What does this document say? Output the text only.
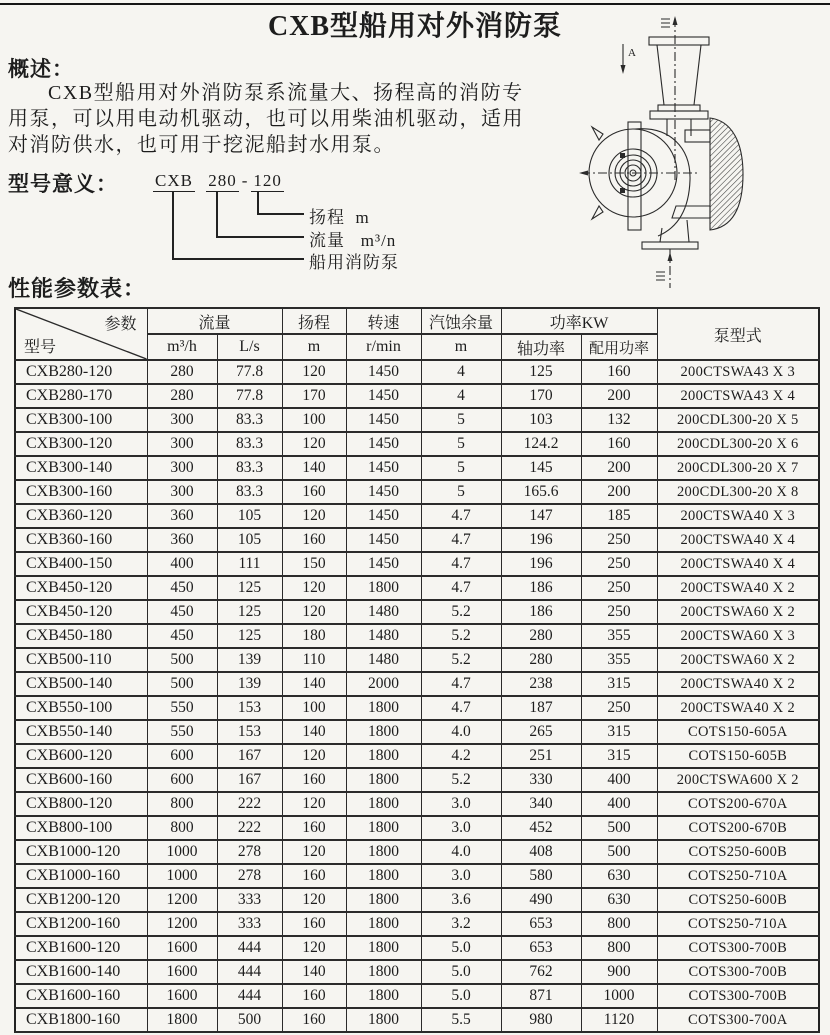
CXB型船用对外消防泵
概述：
CXB型船用对外消防泵系流量大、扬程高的消防专
用泵，可以用电动机驱动，也可以用柴油机驱动，适用
对消防供水，也可用于挖泥船封水用泵。
型号意义： CXB 280 - 120
扬程  m
流量   m³/n
船用消防泵
A
性能参数表：
参数
型号	流量		扬程	转速	汽蚀余量	功率KW		泵型式
	m³/h	L/s	m	r/min	m	轴功率	配用功率	
CXB280-120	280	77.8	120	1450	4	125	160	200CTSWA43 X 3
CXB280-170	280	77.8	170	1450	4	170	200	200CTSWA43 X 4
CXB300-100	300	83.3	100	1450	5	103	132	200CDL300-20 X 5
CXB300-120	300	83.3	120	1450	5	124.2	160	200CDL300-20 X 6
CXB300-140	300	83.3	140	1450	5	145	200	200CDL300-20 X 7
CXB300-160	300	83.3	160	1450	5	165.6	200	200CDL300-20 X 8
CXB360-120	360	105	120	1450	4.7	147	185	200CTSWA40 X 3
CXB360-160	360	105	160	1450	4.7	196	250	200CTSWA40 X 4
CXB400-150	400	111	150	1450	4.7	196	250	200CTSWA40 X 4
CXB450-120	450	125	120	1800	4.7	186	250	200CTSWA40 X 2
CXB450-120	450	125	120	1480	5.2	186	250	200CTSWA60 X 2
CXB450-180	450	125	180	1480	5.2	280	355	200CTSWA60 X 3
CXB500-110	500	139	110	1480	5.2	280	355	200CTSWA60 X 2
CXB500-140	500	139	140	2000	4.7	238	315	200CTSWA40 X 2
CXB550-100	550	153	100	1800	4.7	187	250	200CTSWA40 X 2
CXB550-140	550	153	140	1800	4.0	265	315	COTS150-605A
CXB600-120	600	167	120	1800	4.2	251	315	COTS150-605B
CXB600-160	600	167	160	1800	5.2	330	400	200CTSWA600 X 2
CXB800-120	800	222	120	1800	3.0	340	400	COTS200-670A
CXB800-100	800	222	160	1800	3.0	452	500	COTS200-670B
CXB1000-120	1000	278	120	1800	4.0	408	500	COTS250-600B
CXB1000-160	1000	278	160	1800	3.0	580	630	COTS250-710A
CXB1200-120	1200	333	120	1800	3.6	490	630	COTS250-600B
CXB1200-160	1200	333	160	1800	3.2	653	800	COTS250-710A
CXB1600-120	1600	444	120	1800	5.0	653	800	COTS300-700B
CXB1600-140	1600	444	140	1800	5.0	762	900	COTS300-700B
CXB1600-160	1600	444	160	1800	5.0	871	1000	COTS300-700B
CXB1800-160	1800	500	160	1800	5.5	980	1120	COTS300-700A
